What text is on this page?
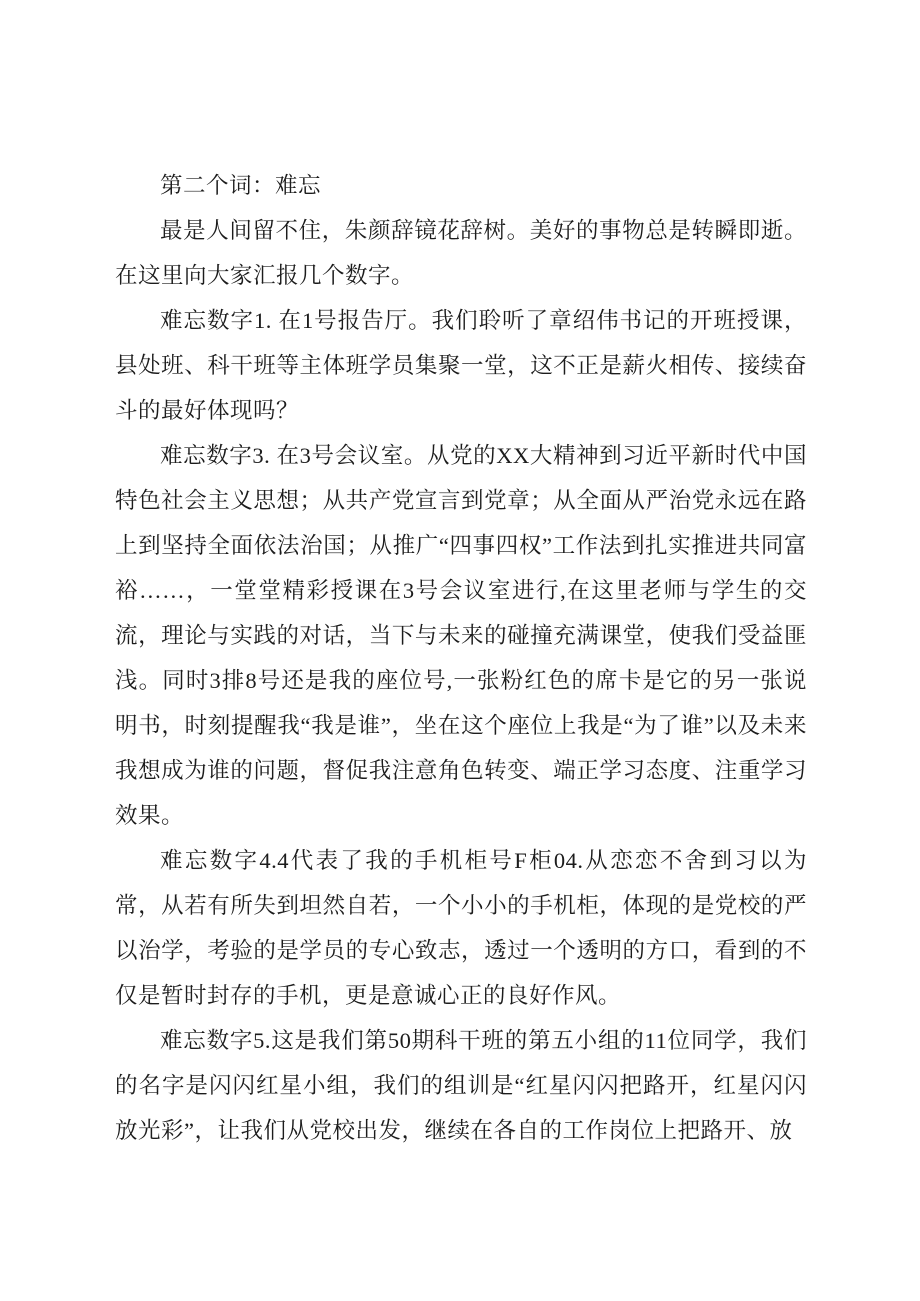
第二个词：难忘

最是人间留不住，朱颜辞镜花辞树。美好的事物总是转瞬即逝。在这里向大家汇报几个数字。

难忘数字1. 在1号报告厅。我们聆听了章绍伟书记的开班授课，县处班、科干班等主体班学员集聚一堂，这不正是薪火相传、接续奋斗的最好体现吗？

难忘数字3. 在3号会议室。从党的XX大精神到习近平新时代中国特色社会主义思想；从共产党宣言到党章；从全面从严治党永远在路上到坚持全面依法治国；从推广“四事四权”工作法到扎实推进共同富裕……，一堂堂精彩授课在3号会议室进行,在这里老师与学生的交流，理论与实践的对话，当下与未来的碰撞充满课堂，使我们受益匪浅。同时3排8号还是我的座位号,一张粉红色的席卡是它的另一张说明书，时刻提醒我“我是谁”，坐在这个座位上我是“为了谁”以及未来我想成为谁的问题，督促我注意角色转变、端正学习态度、注重学习效果。

难忘数字4.4代表了我的手机柜号F柜04.从恋恋不舍到习以为常，从若有所失到坦然自若，一个小小的手机柜，体现的是党校的严以治学，考验的是学员的专心致志，透过一个透明的方口，看到的不仅是暂时封存的手机，更是意诚心正的良好作风。

难忘数字5.这是我们第50期科干班的第五小组的11位同学，我们的名字是闪闪红星小组，我们的组训是“红星闪闪把路开，红星闪闪放光彩”，让我们从党校出发，继续在各自的工作岗位上把路开、放
